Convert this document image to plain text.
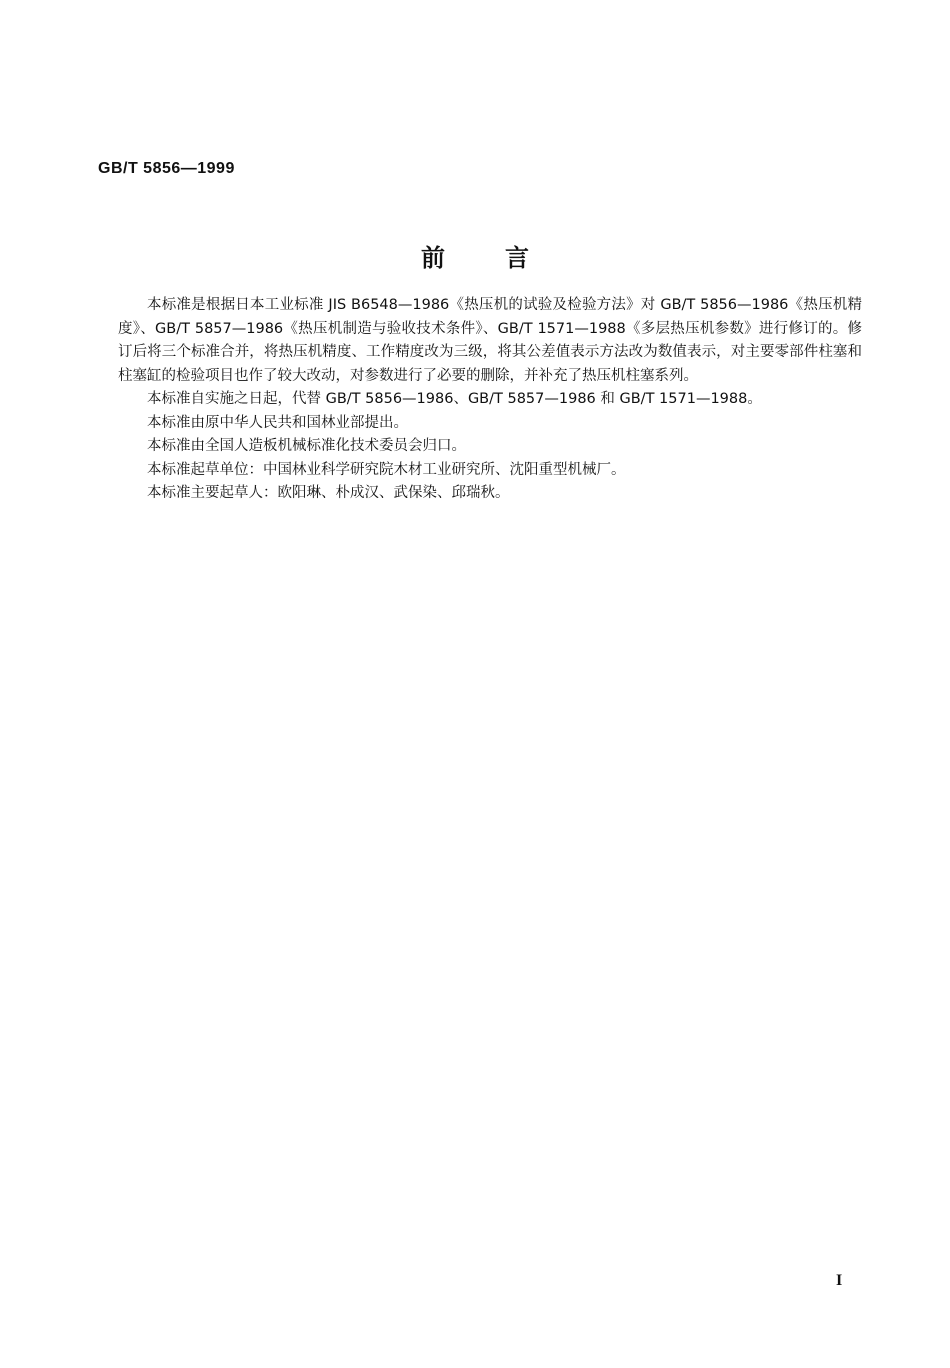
GB/T 5856—1999
前言

本标准是根据日本工业标准 JIS B6548—1986《热压机的试验及检验方法》对 GB/T 5856—1986《热压机精度》、GB/T 5857—1986《热压机制造与验收技术条件》、GB/T 1571—1988《多层热压机参数》进行修订的。修订后将三个标准合并，将热压机精度、工作精度改为三级，将其公差值表示方法改为数值表示，对主要零部件柱塞和柱塞缸的检验项目也作了较大改动，对参数进行了必要的删除，并补充了热压机柱塞系列。

本标准自实施之日起，代替 GB/T 5856—1986、GB/T 5857—1986 和 GB/T 1571—1988。

本标准由原中华人民共和国林业部提出。

本标准由全国人造板机械标准化技术委员会归口。

本标准起草单位：中国林业科学研究院木材工业研究所、沈阳重型机械厂。

本标准主要起草人：欧阳琳、朴成汉、武保染、邱瑞秋。

I
